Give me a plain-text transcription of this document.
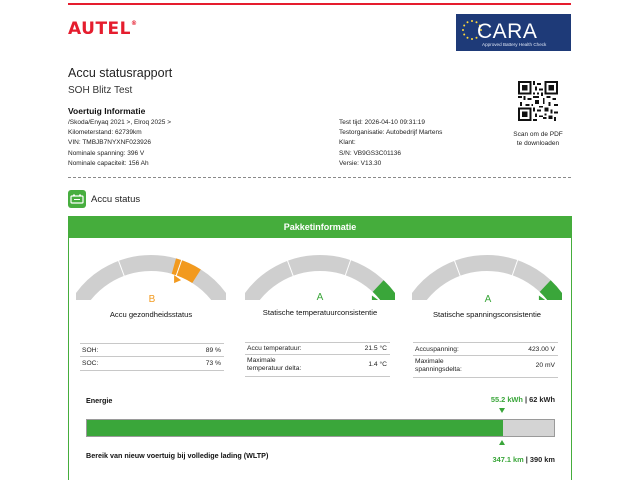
AUTEL®	CARA
Approved Battery Health Check
Accu statusrapport
SOH Blitz Test
Voertuig Informatie
/Skoda/Enyaq 2021 >, Elroq 2025 >
Kilometerstand: 62739km
VIN: TMBJB7NYXNF023926
Nominale spanning: 396 V
Nominale capaciteit: 156 Ah
Test tijd: 2026-04-10 09:31:19
Testorganisatie: Autobedrijf Martens
Klant:
S/N: VB9GS3C01136
Versie: V13.30
Scan om de PDF
te downloaden
Accu status
Pakketinformatie
B
Accu gezondheidsstatus
A
Statische temperatuurconsistentie
A
Statische spanningsconsistentie
SOH:	89 %
SOC:	73 %
Accu temperatuur:	21.5 °C
Maximale
temperatuur delta:
1.4 °C
Accuspanning:	423.00 V
Maximale
spanningsdelta:
20 mV
Energie	55.2 kWh | 62 kWh
Bereik van nieuw voertuig bij volledige lading (WLTP)	347.1 km | 390 km
